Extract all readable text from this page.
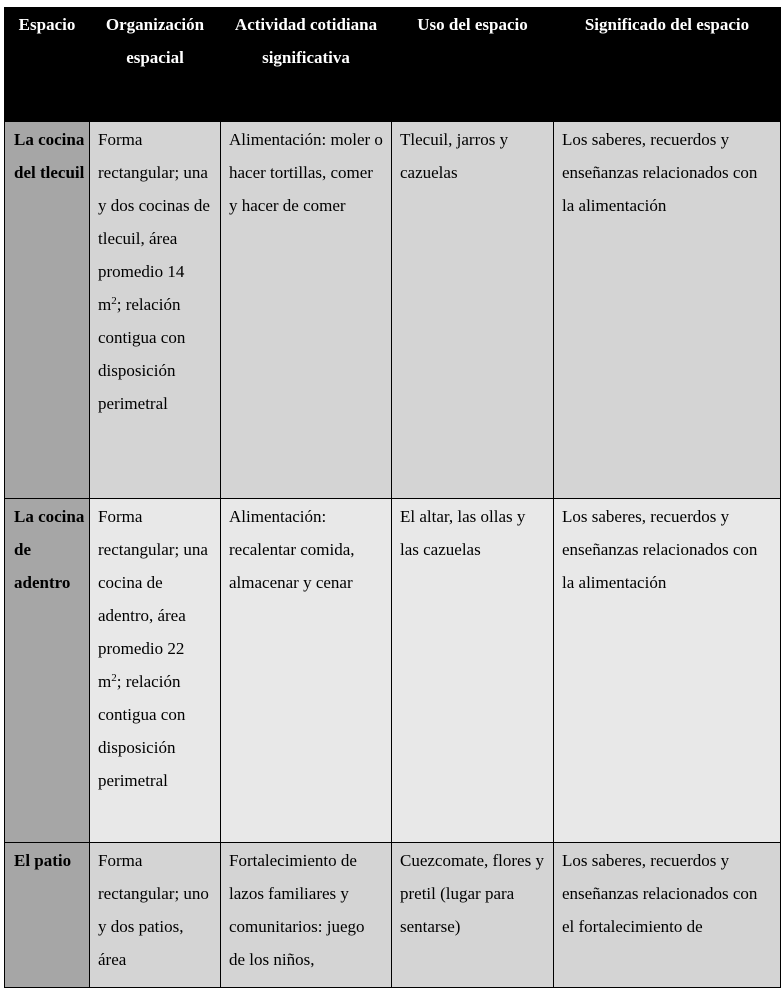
Espacio	Organización espacial	Actividad cotidiana significativa	Uso del espacio	Significado del espacio
La cocina del tlecuil	Forma rectangular; una y dos cocinas de tlecuil, área promedio 14 $m^2$; relación contigua con disposición perimetral	Alimentación: moler o hacer tortillas, comer y hacer de comer	Tlecuil, jarros y cazuelas	Los saberes, recuerdos y enseñanzas relacionados con la alimentación
La cocina de adentro	Forma rectangular; una cocina de adentro, área promedio 22 $m^2$; relación contigua con disposición perimetral	Alimentación: recalentar comida, almacenar y cenar	El altar, las ollas y las cazuelas	Los saberes, recuerdos y enseñanzas relacionados con la alimentación
El patio	Forma rectangular; uno y dos patios, área	Fortalecimiento de lazos familiares y comunitarios: juego de los niños,	Cuezcomate, flores y pretil (lugar para sentarse)	Los saberes, recuerdos y enseñanzas relacionados con el fortalecimiento de
